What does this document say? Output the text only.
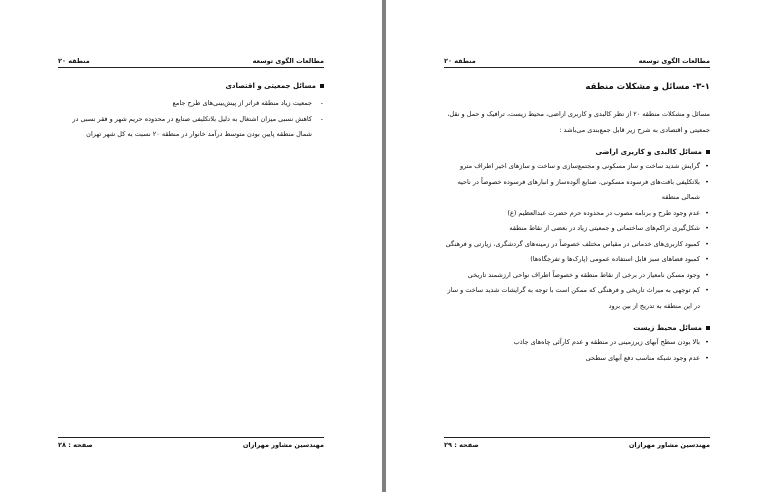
مطالعات الگوی توسعه
منطقه ۲۰
مسائل جمعیتی و اقتصادی
-
جمعیت زیاد منطقه فراتر از پیش‌بینی‌های طرح جامع
-
کاهش نسبی میزان اشتغال به دلیل بلاتکلیفی صنایع در محدوده حریم شهر و فقر نسبی در شمال منطقه پایین بودن متوسط درآمد خانوار در منطقه ۲۰ نسبت به کل شهر تهران
مهندسین مشاور مهرازان
صفحه : ۲۸
مطالعات الگوی توسعه
منطقه ۲۰
۳-۱- مسائل و مشکلات منطقه
مسائل و مشکلات منطقه ۲۰ از نظر کالبدی و کاربری اراضی، محیط زیست، ترافیک و حمل و نقل، جمعیتی و اقتصادی به شرح زیر قابل جمع‌بندی می‌باشد :
مسائل کالبدی و کاربری اراضی
•
گرایش شدید ساخت و ساز مسکونی و مجتمع‌سازی و ساخت و سازهای اخیر اطراف مترو
•
بلاتکلیفی بافت‌های فرسوده مسکونی، صنایع آلوده‌ساز و انبارهای فرسوده خصوصاً در ناحیه شمالی منطقه
•
عدم وجود طرح و برنامه مصوب در محدوده حرم حضرت عبدالعظیم (ع)
•
شکل‌گیری تراکم‌های ساختمانی و جمعیتی زیاد در بعضی از نقاط منطقه
•
کمبود کاربری‌های خدماتی در مقیاس مختلف خصوصاً در زمینه‌های گردشگری، زیارتی و فرهنگی
•
کمبود فضاهای سبز قابل استفاده عمومی (پارک‌ها و تفرجگاه‌ها)
•
وجود مسکن نامعیار در برخی از نقاط منطقه و خصوصاً اطراف نواحی ارزشمند تاریخی
•
کم توجهی به میراث تاریخی و فرهنگی که ممکن است با توجه به گرایشات شدید ساخت و ساز در این منطقه به تدریج از بین برود
مسائل محیط زیست
•
بالا بودن سطح آبهای زیرزمینی در منطقه و عدم کارآئی چاه‌های جاذب
•
عدم وجود شبکه مناسب دفع آبهای سطحی
مهندسین مشاور مهرازان
صفحه : ۲۹
